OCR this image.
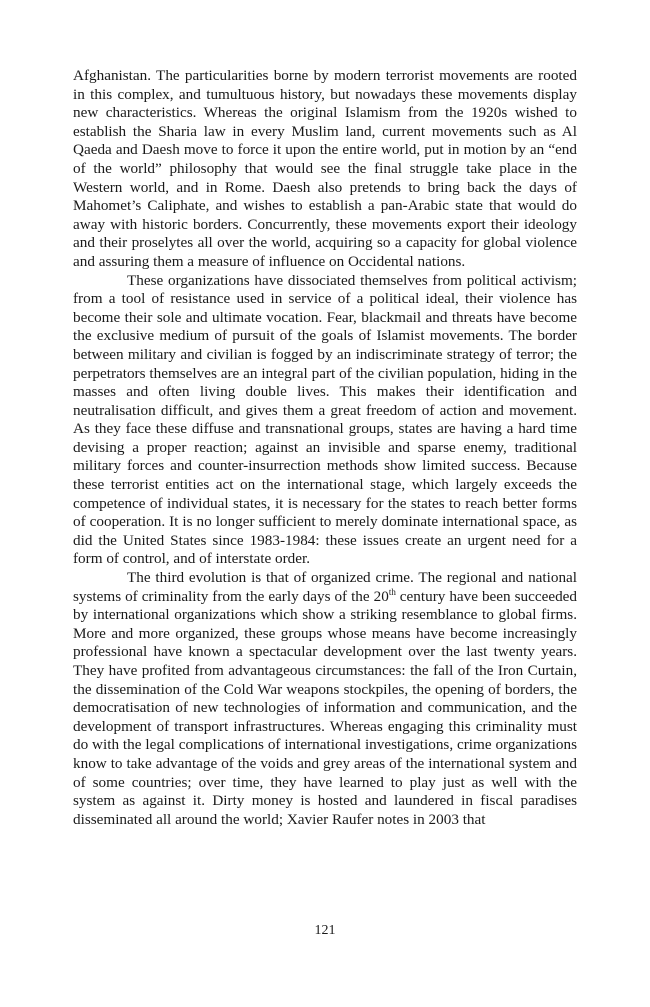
Afghanistan. The particularities borne by modern terrorist movements are rooted in this complex, and tumultuous history, but nowadays these movements display new characteristics. Whereas the original Islamism from the 1920s wished to establish the Sharia law in every Muslim land, current movements such as Al Qaeda and Daesh move to force it upon the entire world, put in motion by an “end of the world” philosophy that would see the final struggle take place in the Western world, and in Rome. Daesh also pretends to bring back the days of Mahomet’s Caliphate, and wishes to establish a pan-Arabic state that would do away with historic borders. Concurrently, these movements export their ideology and their proselytes all over the world, acquiring so a capacity for global violence and assuring them a measure of influence on Occidental nations.

These organizations have dissociated themselves from political activism; from a tool of resistance used in service of a political ideal, their violence has become their sole and ultimate vocation. Fear, blackmail and threats have become the exclusive medium of pursuit of the goals of Islamist movements. The border between military and civilian is fogged by an indiscriminate strategy of terror; the perpetrators themselves are an integral part of the civilian population, hiding in the masses and often living double lives. This makes their identification and neutralisation difficult, and gives them a great freedom of action and movement. As they face these diffuse and transnational groups, states are having a hard time devising a proper reaction; against an invisible and sparse enemy, traditional military forces and counter-insurrection methods show limited success. Because these terrorist entities act on the international stage, which largely exceeds the competence of individual states, it is necessary for the states to reach better forms of cooperation. It is no longer sufficient to merely dominate international space, as did the United States since 1983-1984: these issues create an urgent need for a form of control, and of interstate order.

The third evolution is that of organized crime. The regional and national systems of criminality from the early days of the 20th century have been succeeded by international organizations which show a striking resemblance to global firms. More and more organized, these groups whose means have become increasingly professional have known a spectacular development over the last twenty years. They have profited from advantageous circumstances: the fall of the Iron Curtain, the dissemination of the Cold War weapons stockpiles, the opening of borders, the democratisation of new technologies of information and communication, and the development of transport infrastructures. Whereas engaging this criminality must do with the legal complications of international investigations, crime organizations know to take advantage of the voids and grey areas of the international system and of some countries; over time, they have learned to play just as well with the system as against it. Dirty money is hosted and laundered in fiscal paradises disseminated all around the world; Xavier Raufer notes in 2003 that

121
